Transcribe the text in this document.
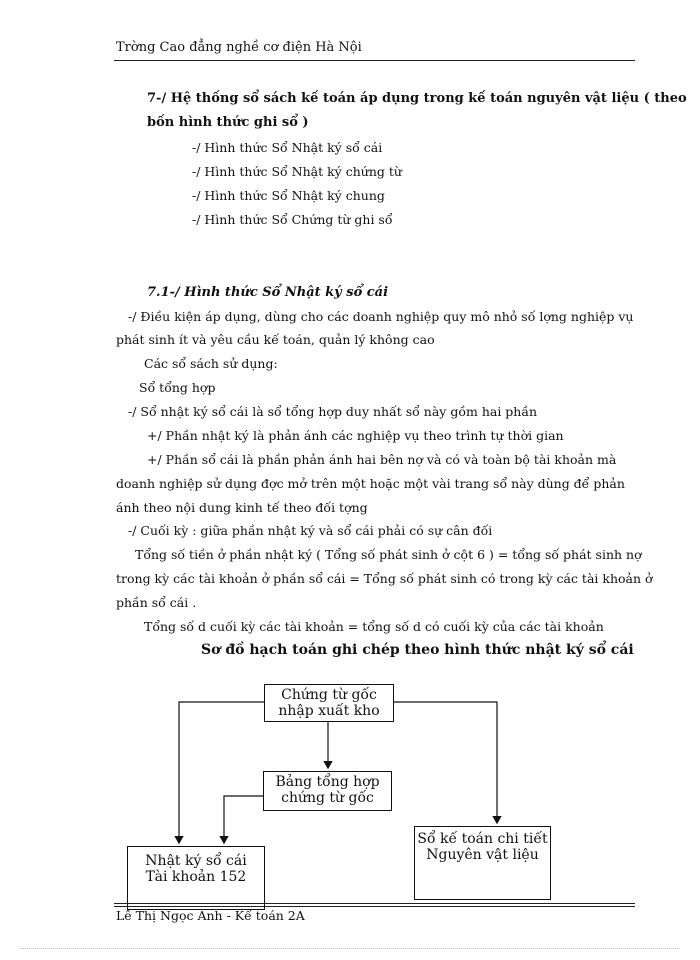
Trờng Cao đẳng nghề cơ điện Hà Nội
7-/ Hệ thống sổ sách kế toán áp dụng trong kế toán nguyên vật liệu ( theo
bốn hình thức ghi sổ )
-/ Hình thức Sổ Nhật ký sổ cái
-/ Hình thức Sổ Nhật ký chứng từ
-/ Hình thức Sổ Nhật ký chung
-/ Hình thức Sổ Chứng từ ghi sổ
7.1-/ Hình thức Sổ Nhật ký sổ cái
-/ Điều kiện áp dụng, dùng cho các doanh nghiệp quy mô nhỏ số lợng nghiệp vụ
phát sinh ít và yêu cầu kế toán, quản lý không cao
Các sổ sách sử dụng:
Sổ tổng hợp
-/ Sổ nhật ký sổ cái là sổ tổng hợp duy nhất sổ này gồm hai phần
+/ Phần nhật ký là phản ánh các nghiệp vụ theo trình tự thời gian
+/ Phần sổ cái là phần phản ánh hai bên nợ và có và toàn bộ tài khoản mà
doanh nghiệp sử dụng đợc mở trên một hoặc một vài trang sổ này dùng để phản
ánh theo nội dung kinh tế theo đối tợng
-/ Cuối kỳ : giữa phần nhật ký và sổ cái phải có sự cân đối
Tổng số tiền ở phần nhật ký ( Tổng số phát sinh ở cột 6 ) = tổng số phát sinh nợ
trong kỳ các tài khoản ở phần sổ cái = Tổng số phát sinh có trong kỳ các tài khoản ở
phần sổ cái .
Tổng số d cuối kỳ các tài khoản = tổng số d có cuối kỳ của các tài khoản
Sơ đồ hạch toán ghi chép theo hình thức nhật ký sổ cái
Chứng từ gốc
nhập xuất kho
Bảng tổng hợp
chứng từ gốc
Sổ kế toán chi tiết
Nguyên vật liệu
Nhật ký sổ cái
Tài khoản 152
Lê Thị Ngọc Anh - Kế toán 2A
